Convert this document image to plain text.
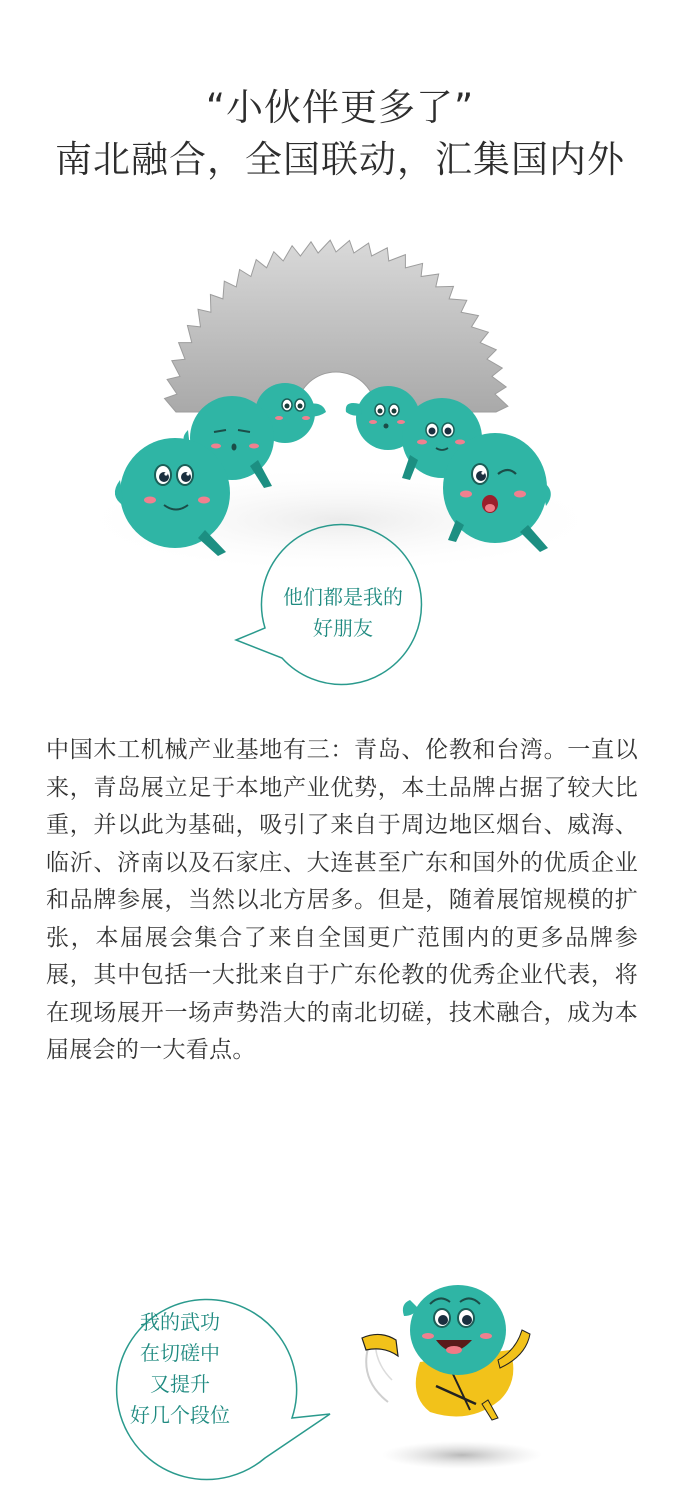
“小伙伴更多了”
南北融合，全国联动，汇集国内外
他们都是我的
好朋友
中国木工机械产业基地有三：青岛、伦教和台湾。一直以来，青岛展立足于本地产业优势，本土品牌占据了较大比重，并以此为基础，吸引了来自于周边地区烟台、威海、临沂、济南以及石家庄、大连甚至广东和国外的优质企业和品牌参展，当然以北方居多。但是，随着展馆规模的扩张，本届展会集合了来自全国更广范围内的更多品牌参展，其中包括一大批来自于广东伦教的优秀企业代表，将在现场展开一场声势浩大的南北切磋，技术融合，成为本届展会的一大看点。
我的武功
在切磋中
又提升
好几个段位
